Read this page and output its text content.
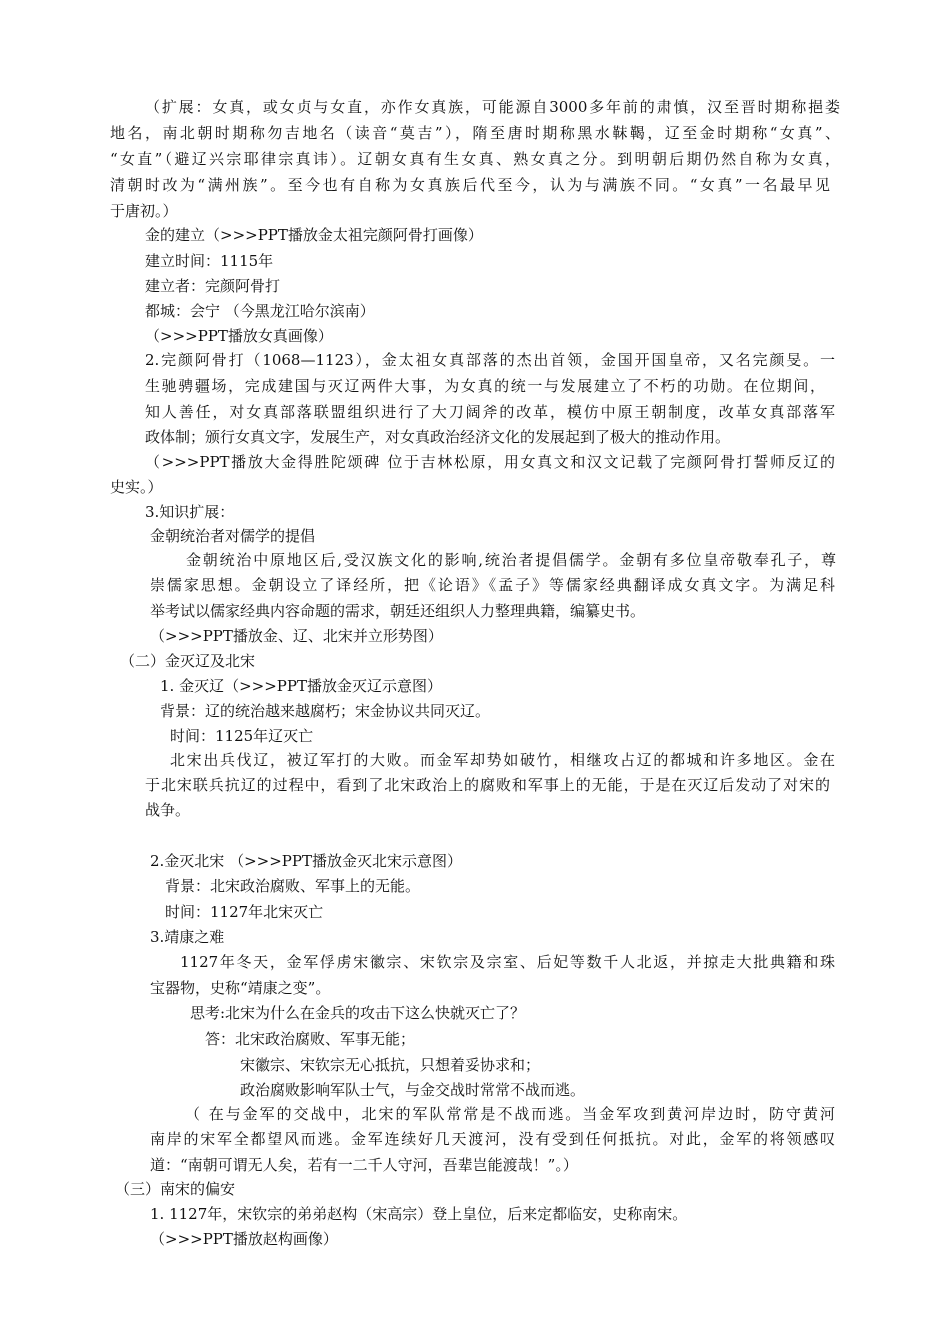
（扩展：女真，或女贞与女直，亦作女真族，可能源自3000多年前的肃慎，汉至晋时期称挹娄
地名，南北朝时期称勿吉地名（读音“莫吉”），隋至唐时期称黑水靺鞨，辽至金时期称“女真”、
“女直”（避辽兴宗耶律宗真讳）。辽朝女真有生女真、熟女真之分。到明朝后期仍然自称为女真，
清朝时改为“满州族”。至今也有自称为女真族后代至今，认为与满族不同。“女真”一名最早见
于唐初。）
金的建立（>>>PPT播放金太祖完颜阿骨打画像）
建立时间：1115年
建立者：完颜阿骨打
都城：会宁 （今黑龙江哈尔滨南）
（>>>PPT播放女真画像）
2.完颜阿骨打（1068—1123），金太祖女真部落的杰出首领，金国开国皇帝，又名完颜旻。一
生驰骋疆场，完成建国与灭辽两件大事，为女真的统一与发展建立了不朽的功勋。在位期间，
知人善任，对女真部落联盟组织进行了大刀阔斧的改革，模仿中原王朝制度，改革女真部落军
政体制；颁行女真文字，发展生产，对女真政治经济文化的发展起到了极大的推动作用。
（>>>PPT播放大金得胜陀颂碑 位于吉林松原，用女真文和汉文记载了完颜阿骨打誓师反辽的
史实。）
3.知识扩展：
金朝统治者对儒学的提倡
金朝统治中原地区后,受汉族文化的影响,统治者提倡儒学。金朝有多位皇帝敬奉孔子，尊
崇儒家思想。金朝设立了译经所，把《论语》《孟子》等儒家经典翻译成女真文字。为满足科
举考试以儒家经典内容命题的需求，朝廷还组织人力整理典籍，编纂史书。
（>>>PPT播放金、辽、北宋并立形势图）
（二）金灭辽及北宋
1. 金灭辽（>>>PPT播放金灭辽示意图）
背景：辽的统治越来越腐朽；宋金协议共同灭辽。
时间：1125年辽灭亡
北宋出兵伐辽，被辽军打的大败。而金军却势如破竹，相继攻占辽的都城和许多地区。金在
于北宋联兵抗辽的过程中，看到了北宋政治上的腐败和军事上的无能，于是在灭辽后发动了对宋的
战争。
2.金灭北宋 （>>>PPT播放金灭北宋示意图）
背景：北宋政治腐败、军事上的无能。
时间：1127年北宋灭亡
3.靖康之难
1127年冬天，金军俘虏宋徽宗、宋钦宗及宗室、后妃等数千人北返，并掠走大批典籍和珠
宝器物，史称“靖康之变”。
思考:北宋为什么在金兵的攻击下这么快就灭亡了？
答：北宋政治腐败、军事无能；
宋徽宗、宋钦宗无心抵抗，只想着妥协求和；
政治腐败影响军队士气，与金交战时常常不战而逃。
（ 在与金军的交战中，北宋的军队常常是不战而逃。当金军攻到黄河岸边时，防守黄河
南岸的宋军全都望风而逃。金军连续好几天渡河，没有受到任何抵抗。对此，金军的将领感叹
道：“南朝可谓无人矣，若有一二千人守河，吾辈岂能渡哉！”。）
（三）南宋的偏安
1. 1127年，宋钦宗的弟弟赵构（宋高宗）登上皇位，后来定都临安，史称南宋。
（>>>PPT播放赵构画像）
